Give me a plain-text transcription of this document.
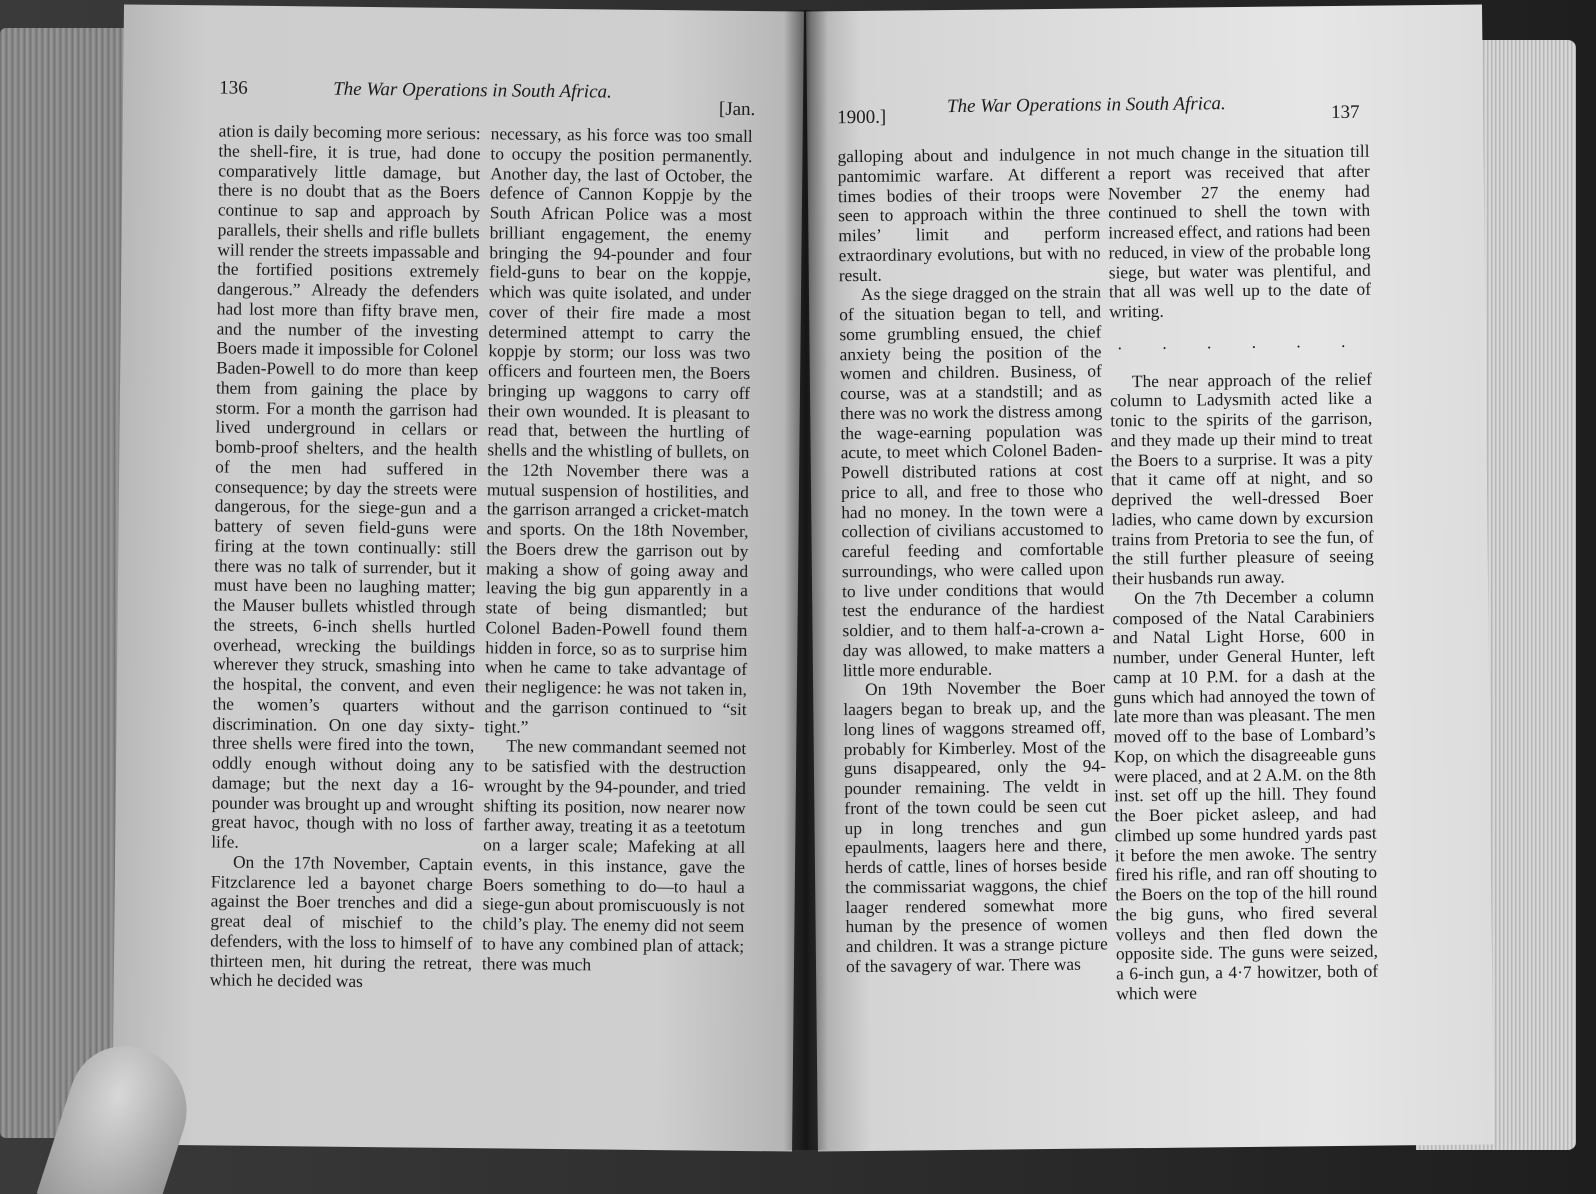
136	The War Operations in South Africa.
[Jan.

ation is daily becoming more serious: the shell-fire, it is true, had done comparatively little damage, but there is no doubt that as the Boers continue to sap and approach by parallels, their shells and rifle bullets will render the streets impassable and the fortified positions extremely dangerous.” Already the defenders had lost more than fifty brave men, and the number of the investing Boers made it impossible for Colonel Baden-Powell to do more than keep them from gaining the place by storm. For a month the garrison had lived underground in cellars or bomb-proof shelters, and the health of the men had suffered in consequence; by day the streets were dangerous, for the siege-gun and a battery of seven field-guns were firing at the town continually: still there was no talk of surrender, but it must have been no laughing matter; the Mauser bullets whistled through the streets, 6-inch shells hurtled overhead, wrecking the buildings wherever they struck, smashing into the hospital, the convent, and even the women’s quarters without discrimination. On one day sixty-three shells were fired into the town, oddly enough without doing any damage; but the next day a 16-pounder was brought up and wrought great havoc, though with no loss of life.

On the 17th November, Captain Fitzclarence led a bayonet charge against the Boer trenches and did a great deal of mischief to the defenders, with the loss to himself of thirteen men, hit during the retreat, which he decided was

necessary, as his force was too small to occupy the position permanently. Another day, the last of October, the defence of Cannon Koppje by the South African Police was a most brilliant engagement, the enemy bringing the 94-pounder and four field-guns to bear on the koppje, which was quite isolated, and under cover of their fire made a most determined attempt to carry the koppje by storm; our loss was two officers and fourteen men, the Boers bringing up waggons to carry off their own wounded. It is pleasant to read that, between the hurtling of shells and the whistling of bullets, on the 12th November there was a mutual suspension of hostilities, and the garrison arranged a cricket-match and sports. On the 18th November, the Boers drew the garrison out by making a show of going away and leaving the big gun apparently in a state of being dismantled; but Colonel Baden-Powell found them hidden in force, so as to surprise him when he came to take advantage of their negligence: he was not taken in, and the garrison continued to “sit tight.”

The new commandant seemed not to be satisfied with the destruction wrought by the 94-pounder, and tried shifting its position, now nearer now farther away, treating it as a teetotum on a larger scale; Mafeking at all events, in this instance, gave the Boers something to do—to haul a siege-gun about promiscuously is not child’s play. The enemy did not seem to have any combined plan of attack; there was much

1900.]
The War Operations in South Africa.	137

galloping about and indulgence in pantomimic warfare. At different times bodies of their troops were seen to approach within the three miles’ limit and perform extraordinary evolutions, but with no result.

As the siege dragged on the strain of the situation began to tell, and some grumbling ensued, the chief anxiety being the position of the women and children. Business, of course, was at a standstill; and as there was no work the distress among the wage-earning population was acute, to meet which Colonel Baden-Powell distributed rations at cost price to all, and free to those who had no money. In the town were a collection of civilians accustomed to careful feeding and comfortable surroundings, who were called upon to live under conditions that would test the endurance of the hardiest soldier, and to them half-a-crown a-day was allowed, to make matters a little more endurable.

On 19th November the Boer laagers began to break up, and the long lines of waggons streamed off, probably for Kimberley. Most of the guns disappeared, only the 94-pounder remaining. The veldt in front of the town could be seen cut up in long trenches and gun epaulments, laagers here and there, herds of cattle, lines of horses beside the commissariat waggons, the chief laager rendered somewhat more human by the presence of women and children. It was a strange picture of the savagery of war. There was

not much change in the situation till a report was received that after November 27 the enemy had continued to shell the town with increased effect, and rations had been reduced, in view of the probable long siege, but water was plentiful, and that all was well up to the date of writing.

. . . . . .

The near approach of the relief column to Ladysmith acted like a tonic to the spirits of the garrison, and they made up their mind to treat the Boers to a surprise. It was a pity that it came off at night, and so deprived the well-dressed Boer ladies, who came down by excursion trains from Pretoria to see the fun, of the still further pleasure of seeing their husbands run away.

On the 7th December a column composed of the Natal Carabiniers and Natal Light Horse, 600 in number, under General Hunter, left camp at 10 P.M. for a dash at the guns which had annoyed the town of late more than was pleasant. The men moved off to the base of Lombard’s Kop, on which the disagreeable guns were placed, and at 2 A.M. on the 8th inst. set off up the hill. They found the Boer picket asleep, and had climbed up some hundred yards past it before the men awoke. The sentry fired his rifle, and ran off shouting to the Boers on the top of the hill round the big guns, who fired several volleys and then fled down the opposite side. The guns were seized, a 6-inch gun, a 4·7 howitzer, both of which were
